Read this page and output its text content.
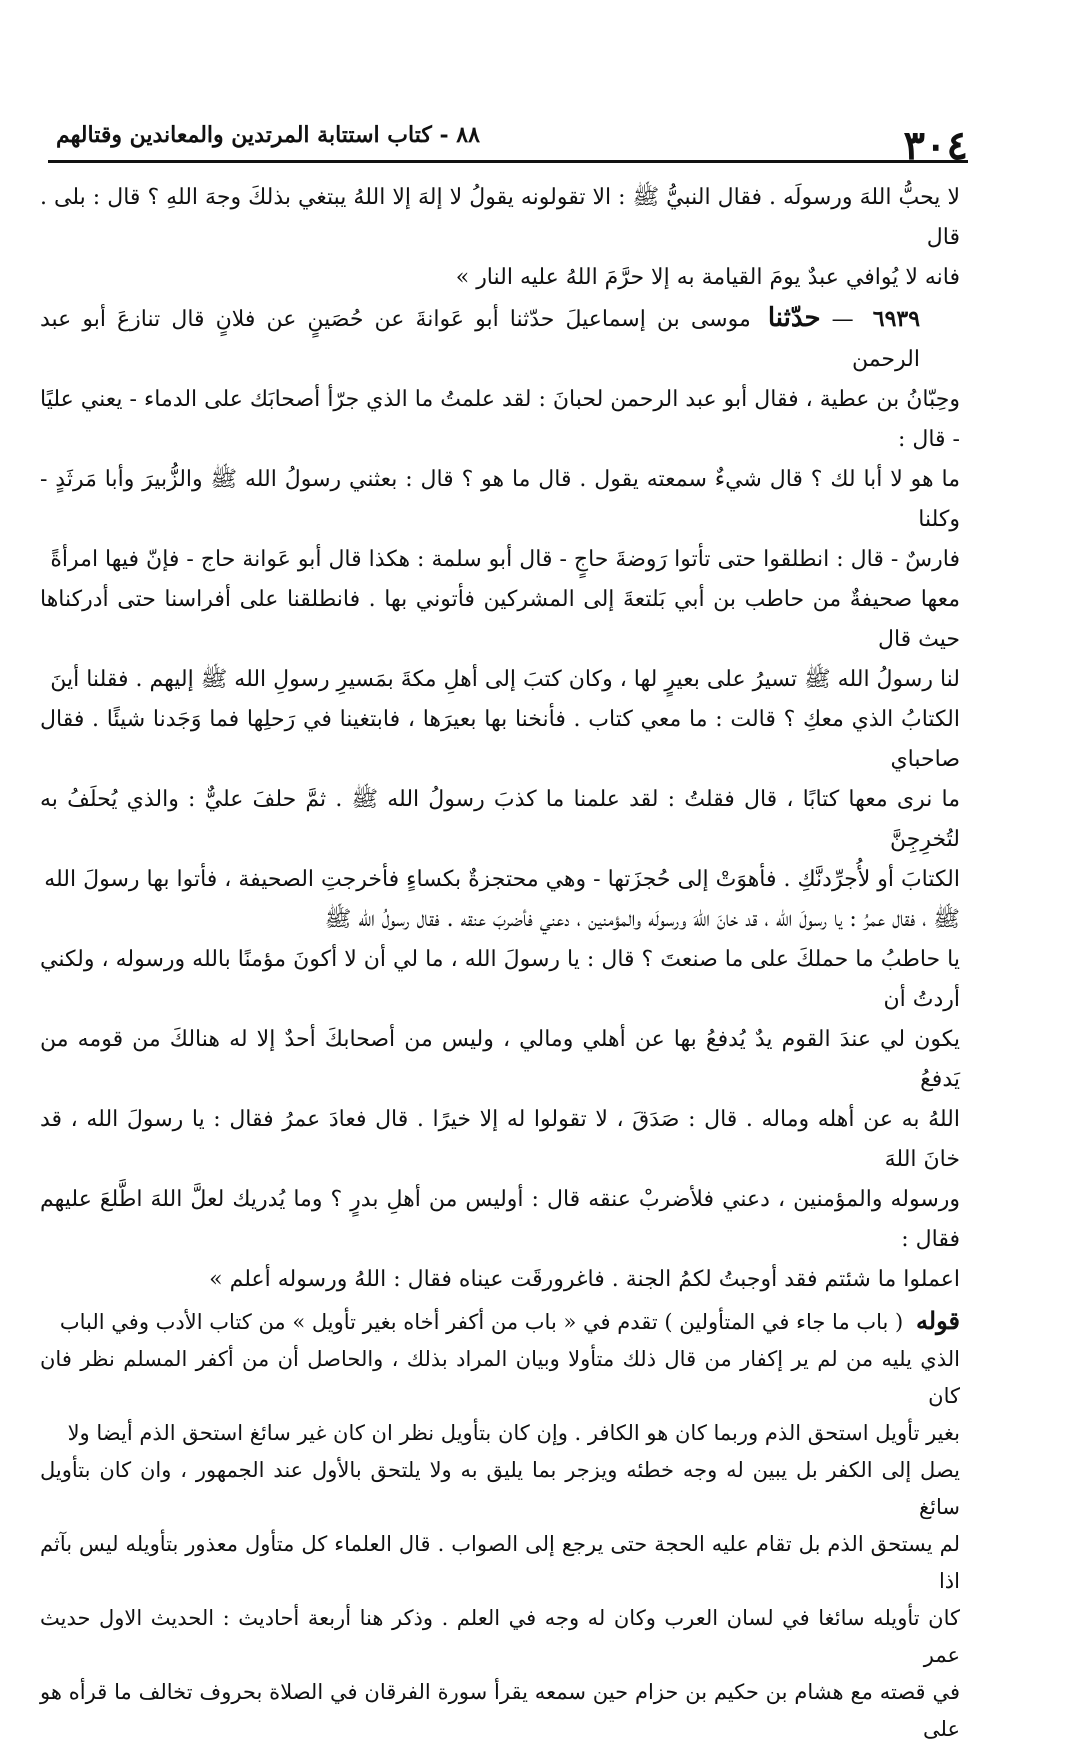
٣٠٤
٨٨ - كتاب استتابة المرتدين والمعاندين وقتالهم

لا يحبُّ اللهَ ورسولَه . فقال النبيُّ ﷺ : الا تقولونه يقولُ لا إلهَ إلا اللهُ يبتغي بذلكَ وجهَ اللهِ ؟ قال : بلى . قال

فانه لا يُوافي عبدٌ يومَ القيامة به إلا حرَّمَ اللهُ عليه النار »

٦٩٣٩ — حدّثنا موسى بن إسماعيلَ حدّثنا أبو عَوانةَ عن حُصَينٍ عن فلانٍ قال تنازعَ أبو عبد الرحمن

وحِبّانُ بن عطية ، فقال أبو عبد الرحمن لحبانَ : لقد علمتُ ما الذي جرّأ أصحابَك على الدماء - يعني عليًا - قال :

ما هو لا أبا لك ؟ قال شيءٌ سمعته يقول . قال ما هو ؟ قال : بعثني رسولُ الله ﷺ والزُّبيرَ وأبا مَرثَدٍ - وكلنا

فارسٌ - قال : انطلقوا حتى تأتوا رَوضةَ حاجٍ - قال أبو سلمة : هكذا قال أبو عَوانة حاج - فإنّ فيها امرأةً

معها صحيفةٌ من حاطب بن أبي بَلتعةَ إلى المشركين فأتوني بها . فانطلقنا على أفراسنا حتى أدركناها حيث قال

لنا رسولُ الله ﷺ تسيرُ على بعيرٍ لها ، وكان كتبَ إلى أهلِ مكةَ بمَسيرِ رسولِ الله ﷺ إليهم . فقلنا أينَ

الكتابُ الذي معكِ ؟ قالت : ما معي كتاب . فأنخنا بها بعيرَها ، فابتغينا في رَحلِها فما وَجَدنا شيئًا . فقال صاحباي

ما نرى معها كتابًا ، قال فقلتُ : لقد علمنا ما كذبَ رسولُ الله ﷺ . ثمَّ حلفَ عليٌّ : والذي يُحلَفُ به لتُخرِجِنَّ

الكتابَ أو لأُجرِّدنَّكِ . فأهوَتْ إلى حُجزَتها - وهي محتجزةٌ بكساءٍ فأخرجتِ الصحيفة ، فأتوا بها رسولَ الله

ﷺ ، فقال عمرُ : يا رسولَ الله ، قد خانَ اللهَ ورسولَه والمؤمنين ، دعني فأضربَ عنقه . فقال رسولُ الله ﷺ

يا حاطبُ ما حملكَ على ما صنعتَ ؟ قال : يا رسولَ الله ، ما لي أن لا أكونَ مؤمنًا بالله ورسوله ، ولكني أردتُ أن

يكون لي عندَ القوم يدٌ يُدفعُ بها عن أهلي ومالي ، وليس من أصحابكَ أحدٌ إلا له هنالكَ من قومه من يَدفعُ

اللهُ به عن أهله وماله . قال : صَدَقَ ، لا تقولوا له إلا خيرًا . قال فعادَ عمرُ فقال : يا رسولَ الله ، قد خانَ اللهَ

ورسوله والمؤمنين ، دعني فلأضربْ عنقه قال : أوليس من أهلِ بدرٍ ؟ وما يُدريك لعلَّ اللهَ اطَّلعَ عليهم فقال :

اعملوا ما شئتم فقد أوجبتُ لكمُ الجنة . فاغرورقَت عيناه فقال : اللهُ ورسوله أعلم »

قوله ( باب ما جاء في المتأولين ) تقدم في « باب من أكفر أخاه بغير تأويل » من كتاب الأدب وفي الباب

الذي يليه من لم ير إكفار من قال ذلك متأولا وبيان المراد بذلك ، والحاصل أن من أكفر المسلم نظر فان كان

بغير تأويل استحق الذم وربما كان هو الكافر . وإن كان بتأويل نظر ان كان غير سائغ استحق الذم أيضا ولا

يصل إلى الكفر بل يبين له وجه خطئه ويزجر بما يليق به ولا يلتحق بالأول عند الجمهور ، وان كان بتأويل سائغ

لم يستحق الذم بل تقام عليه الحجة حتى يرجع إلى الصواب . قال العلماء كل متأول معذور بتأويله ليس بآثم اذا

كان تأويله سائغا في لسان العرب وكان له وجه في العلم . وذكر هنا أربعة أحاديث : الحديث الاول حديث عمر

في قصته مع هشام بن حكيم بن حزام حين سمعه يقرأ سورة الفرقان في الصلاة بحروف تخالف ما قرأه هو على
